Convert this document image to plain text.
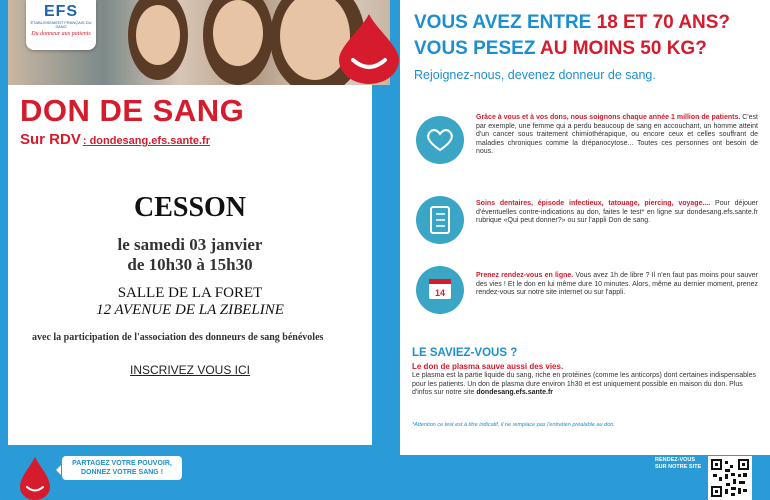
EFS
ÉTABLISSEMENT FRANÇAIS DU SANG
Du donneur aux patients
DON DE SANG
Sur RDV : dondesang.efs.sante.fr
CESSON
le samedi 03 janvier
de 10h30 à 15h30
SALLE DE LA FORET
12 AVENUE DE LA ZIBELINE
avec la participation de l'association des donneurs de sang bénévoles
INSCRIVEZ VOUS ICI
VOUS AVEZ ENTRE 18 ET 70 ANS?
VOUS PESEZ AU MOINS 50 KG?
Rejoignez-nous, devenez donneur de sang.
Grâce à vous et à vos dons, nous soignons chaque année 1 million de patients. C'est par exemple, une femme qui a perdu beaucoup de sang en accouchant, un homme atteint d'un cancer sous traitement chimiothérapique, ou encore ceux et celles souffrant de maladies chroniques comme la drépanocytose... Toutes ces personnes ont besoin de nous.
Soins dentaires, épisode infectieux, tatouage, piercing, voyage.... Pour déjouer d'éventuelles contre-indications au don, faites le test* en ligne sur dondesang.efs.sante.fr rubrique «Qui peut donner?» ou sur l'appli Don de sang.
14
Prenez rendez-vous en ligne. Vous avez 1h de libre ? Il n'en faut pas moins pour sauver des vies ! Et le don en lui même dure 10 minutes. Alors, même au dernier moment, prenez rendez-vous sur notre site internet ou sur l'appli.
LE SAVIEZ-VOUS ?
Le don de plasma sauve aussi des vies.
Le plasma est la partie liquide du sang, riche en protéines (comme les anticorps) dont certaines indispensables pour les patients. Un don de plasma dure environ 1h30 et est uniquement possible en maison du don. Plus d'infos sur notre site dondesang.efs.sante.fr
*Attention ce test est à titre indicatif, il ne remplace pas l'entretien préalable au don.
PARTAGEZ VOTRE POUVOIR,
DONNEZ VOTRE SANG !
RENDEZ-VOUS
SUR NOTRE SITE
